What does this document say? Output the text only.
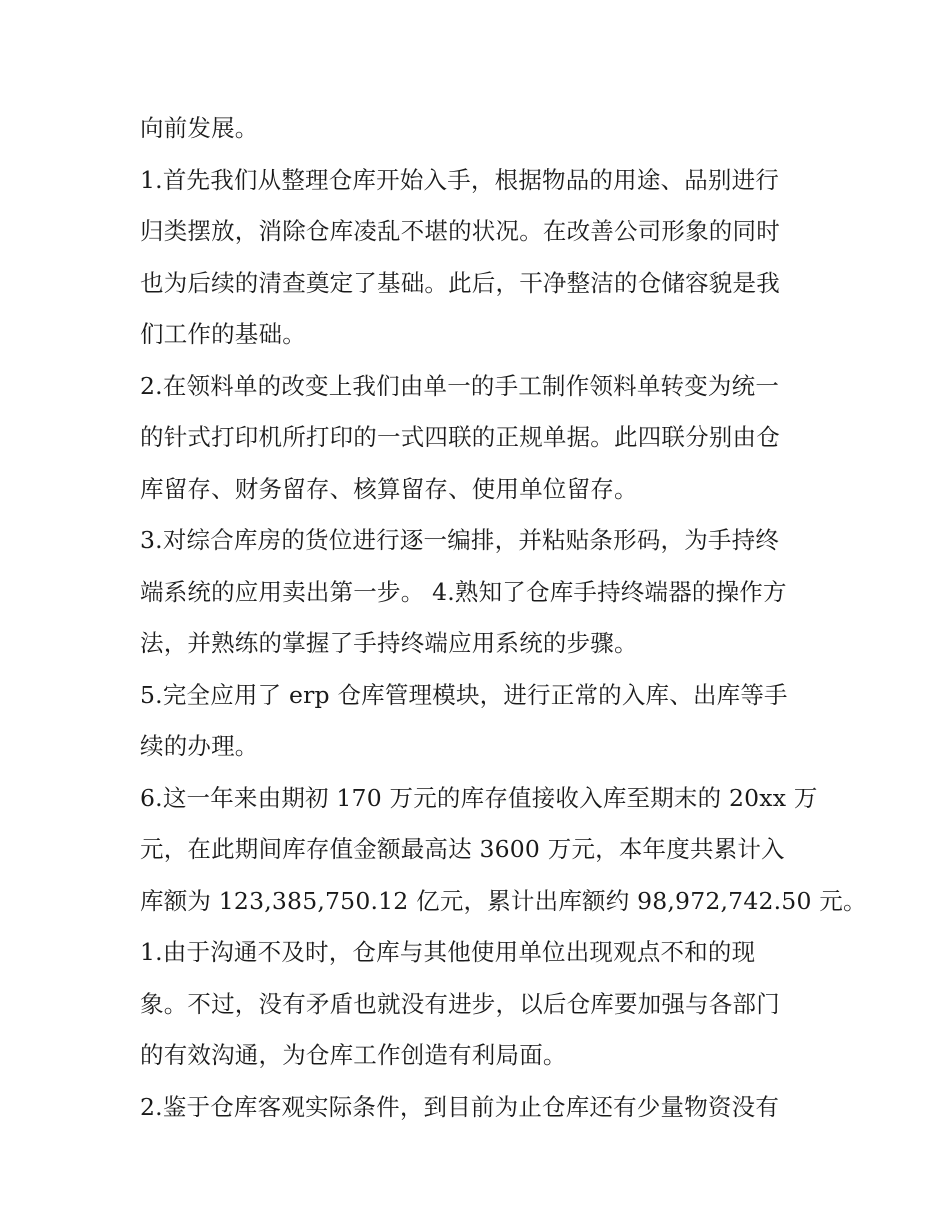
向前发展。
1.首先我们从整理仓库开始入手，根据物品的用途、品别进行
归类摆放，消除仓库凌乱不堪的状况。在改善公司形象的同时
也为后续的清查奠定了基础。此后，干净整洁的仓储容貌是我
们工作的基础。
2.在领料单的改变上我们由单一的手工制作领料单转变为统一
的针式打印机所打印的一式四联的正规单据。此四联分别由仓
库留存、财务留存、核算留存、使用单位留存。
3.对综合库房的货位进行逐一编排，并粘贴条形码，为手持终
端系统的应用卖出第一步。 4.熟知了仓库手持终端器的操作方
法，并熟练的掌握了手持终端应用系统的步骤。
5.完全应用了 erp 仓库管理模块，进行正常的入库、出库等手
续的办理。
6.这一年来由期初 170 万元的库存值接收入库至期末的 20xx 万
元，在此期间库存值金额最高达 3600 万元，本年度共累计入
库额为 123,385,750.12 亿元，累计出库额约 98,972,742.50 元。
1.由于沟通不及时，仓库与其他使用单位出现观点不和的现
象。不过，没有矛盾也就没有进步，以后仓库要加强与各部门
的有效沟通，为仓库工作创造有利局面。
2.鉴于仓库客观实际条件，到目前为止仓库还有少量物资没有
